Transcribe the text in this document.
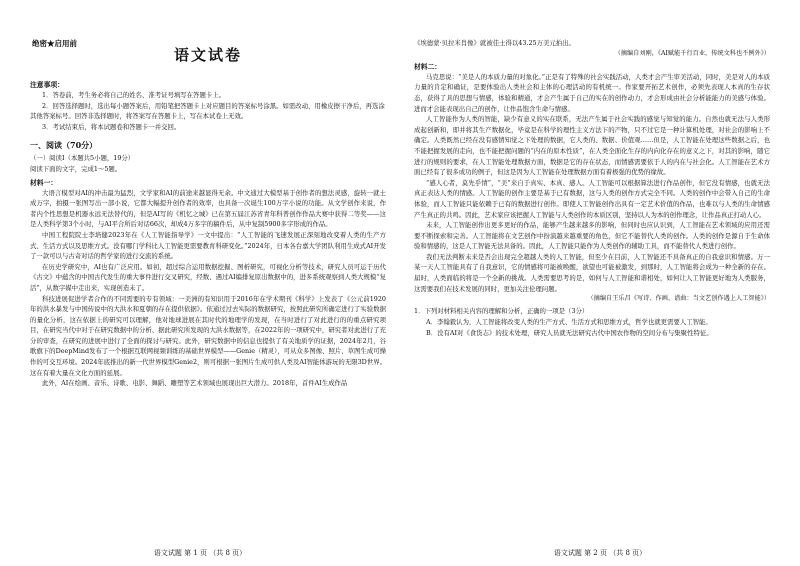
绝密★启用前
语文试卷
注意事项：

1．答卷前，考生务必将自己的姓名、准考证号填写在答题卡上。

2．回答选择题时，选出每小题答案后，用铅笔把答题卡上对应题目的答案标号涂黑。如需改动，用橡皮擦干净后，再选涂其他答案标号。回答非选择题时，将答案写在答题卡上，写在本试卷上无效。

3．考试结束后，将本试题卷和答题卡一并交回。

一、阅读（70分）

（一）阅读I（本题共5小题，19分）

阅读下面的文字，完成1～5题。

材料一：

大语言模型对AI的冲击最为猛烈，文学家和AI的前途来越显得无余。中文通过大模型基于创作者的想法灵感，旋转一就士成万字，拍摄一张图写出一部小说，它都大幅提升创作者的效率，也具备一次诞生100万字小说的功能。从文学创作来说，作者内个性思想是机器永远无法替代的，但是AI写的《机忆之城》已在第五届江苏省青年科普创作作品大赛中获得二等奖——这是人类科学第3个小时，与AI平合所后对话66次，却成4万多字的稿件后，从中复制5900多字形成的作品。

中国工程院院士李培健2023年在《人工智能指导学》一文中提出：“人工智能的飞速发展正深刻地改变着人类的生产方式、生活方式以及思维方式。没有哪门学科比人工智能更需要教育科研变化。”2024年，日本各台嘉大学团队利用生成式AI开发了一款可以与古奇对话的哲学家的进行交流的系统。

在历史学研究中，AI也有广泛应用。如初，超过综合运用数据挖掘、图析研究，可视化分析等技术，研究人员可运于历代《古文》中蕴含的中国古代发生的重大事件进行交叉研究，经数、遇过AI编排复原出数据中的，进多系统观察到人类大规模“复活”，从数字媒中走出来，实现创造未了。

科技进展促进学者合作的不同需要的专有领域：一美洲的有知识用于2016年在学术期刊《科学》上发表了《公元前1920年的洪水暴发与中国传说中的大洪水和夏朝的存在提供依据》。依通过过去实际的数据研究，按照此研究所确定进行了实验数据的量化分析，这在依据上的研究可以理解，他对地球进展在其时代的地理学的发现，在当时进行了对此进行的的重点研究项目，在研究当代中对于在研究数据中的分析、据此研究所发现的大洪水数据等，在2022年的一项研究中，研究者对此进行了充分的审查，在研究的进展中进行了全面的探讨与研究。此外，研究数据中的信息也提供了有关地质学的证据，2024年2月，谷歌旗下的DeepMind发布了一个根据互联网视频训练的基础世界模型——Genie（精灵），可从众多图像、照片、草图生成可操作的可交互环境。2024年底推出的新一代世界模型Genie2，则可根据一张图片生成可供人类及AI智能体游玩的无限3D世界。这在有着大量在文化方面的延展。

此外，AI在绘画、音乐、诗歌、电影、舞蹈、雕塑等艺术领域也展现出巨大潜力。2018年，首件AI生成作品

语文试题 第 1 页 （共 8 页）

《埃德蒙·贝拉米肖像》就被佳士得以43.25万美元拍出。

（摘编自刘刚，《AI赋能千行百业，传统文科也不例外》）

材料二：

马克思说：“美是人的本质力量的对象化。”正是有了特殊的社会实践活动，人类才会产生审美活动，同时，美是对人的本质力量的肯定和确证，是要体验出人类社会和主体的心理活动的有机统一。作家要开拓艺术创作，必须先表现人本真的生存状态，获得了具的思想与情感，体验和精通，才会产生属于自己的实在的创作动力，才会形成由社会分析能能力的美感与体验。进而才会能表现出自己的创作，让作品饱含生命与情感。

人工智能作为人类的智能，缺少有意义的实在联系，无法产生属于社会实践的感觉与知觉的能力。自然也就无法与人类形成起创新和，即并将其生产数据化，毕竟是在科学的理性主义方法下的产物，只不过它是一种计算机处理，对社会的影响上不确定。人类既然已经在没有感情知觉之下处理的数据，它人类的、数据、价值观……但是，人工智能在处理这些数据之后，也不能把握发展的走向，也不能把握问题的“内在的原本性质”，在人类全面化生存的内向化存在的意义之下，对其的影响，随它进行的规则的要求，在人工智能处理数据方面，数据是它的存在状态，而情感需要依于人的内在与社会化。人工智能在艺术方面已经有了很多成功的例子，但这是因为人工智能在处理数据方面有着极强的优势的缘故。

“感人心者，莫先乎情”，“美”来自于真实、本真、感人。人工智能可以根据算法进行作品创作，但它没有情感，也就无法真正表达人类的情感。人工智能的创作主要是基于已有数据，这与人类的创作方式完全不同。人类的创作中会带入自己的生命体验，而人工智能只能依赖于已有的数据进行创作。即使人工智能创作出具有一定艺术价值的作品，也难以与人类的生命情感产生真正的共鸣。因此，艺术家应该把握人工智能与人类创作的本质区别，坚持以人为本的创作理念，让作品真正打动人心。

未来，人工智能创作出更多更好的作品，能够产生越来越多的影响，但同时也应认识到，人工智能在艺术领域的应用还需要不断探索和完善。人工智能将在文艺创作中扮演越来越重要的角色，但它不能替代人类的创作。人类的创作是源自于生命体验和情感的，这是人工智能无法具备的。因此，人工智能只能作为人类创作的辅助工具，而不能替代人类进行创作。

我们无法判断未来是否会出现完全超越人类的人工智能，但至少在目前，人工智能还不具备真正的自我意识和情感。万一某一天人工智能具有了自我意识，它的情感将可能被唤醒，欲望也可能被激发，到那时，人工智能将会成为一种全新的存在。届时，人类面临的将是一个全新的挑战。人类需要思考的是，如何与人工智能和谐相处，如何让人工智能更好地为人类服务，这需要我们在技术发展的同时，更加关注伦理问题。

（摘编自王乐昌《写诗、作画、谱曲：当文艺创作遇上人工智能》）

1．下列对材料相关内容的理解和分析，正确的一项是（3分）

A．李翰毅认为，人工智能将改变人类的生产方式、生活方式和思维方式，哲学也就更需要人工智能。

B．没有AI对《食货志》的技术处理，研究人员就无法研究古代中国农作物的空间分布与集聚性特征。

语文试题 第 2 页 （共 8 页）
